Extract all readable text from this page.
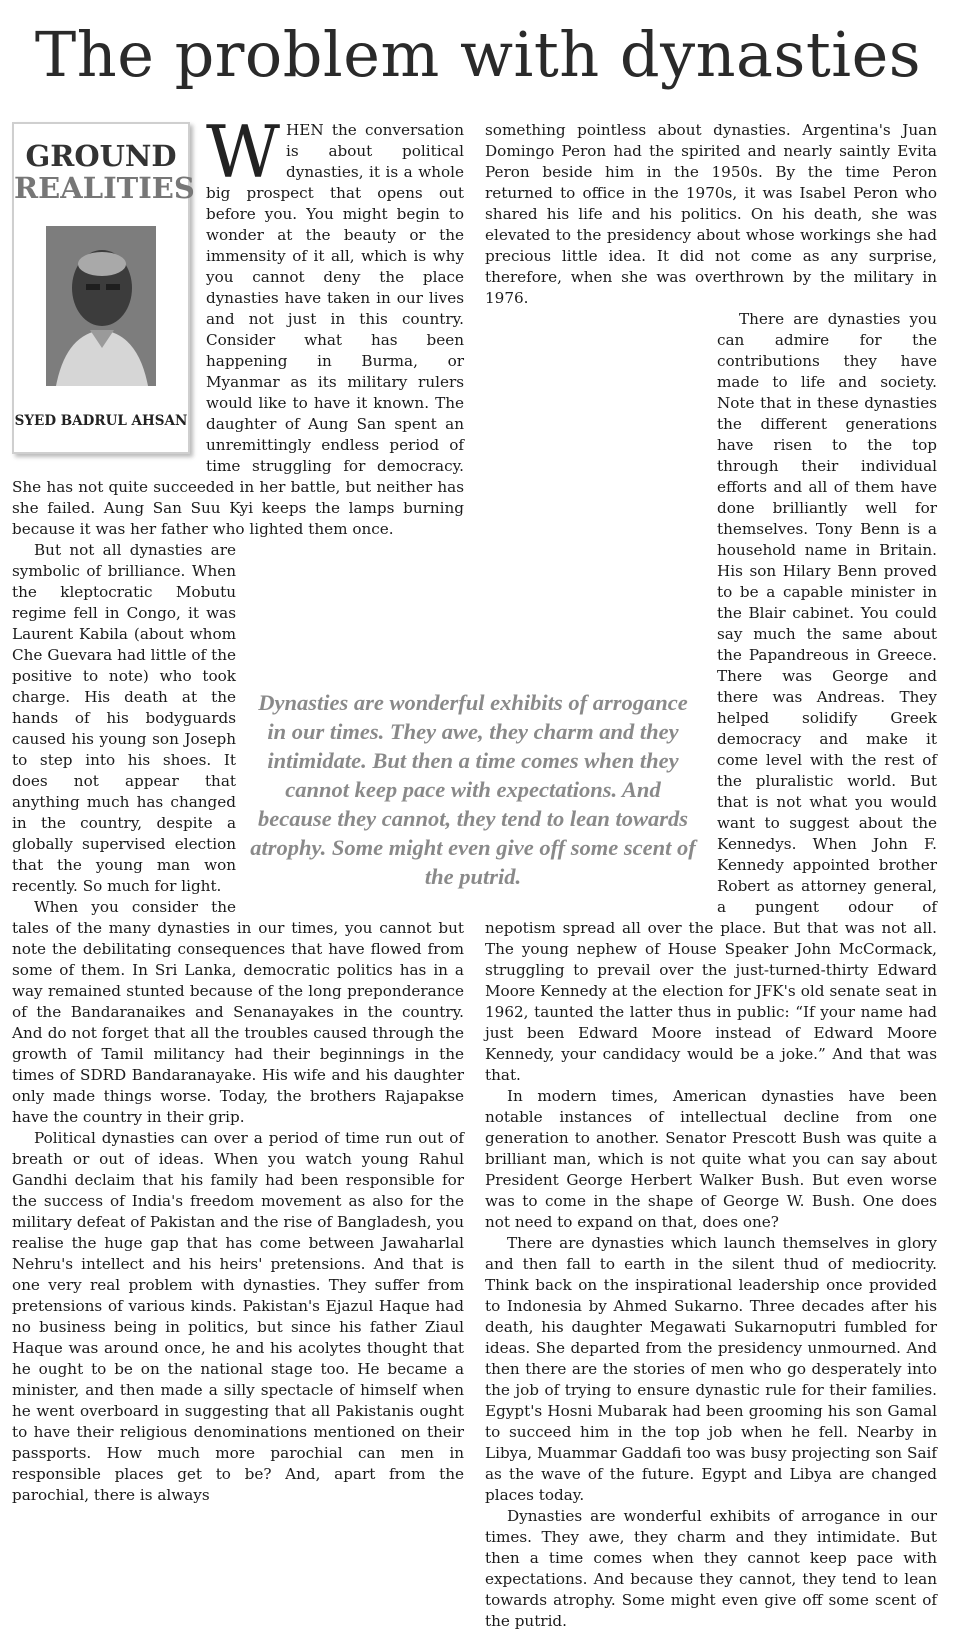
The problem with dynasties
GROUND
REALITIES
SYED BADRUL AHSAN
W HEN the conversation is about political dynasties, it is a whole big prospect that opens out before you. You might begin to wonder at the beauty or the immensity of it all, which is why you cannot deny the place dynasties have taken in our lives and not just in this country. Consider what has been happening in Burma, or Myanmar as its military rulers would like to have it known. The daughter of Aung San spent an unremittingly endless period of time struggling for democracy. She has not quite succeeded in her battle, but neither has she failed. Aung San Suu Kyi keeps the lamps burning because it was her father who lighted them once.

But not all dynasties are symbolic of brilliance. When the kleptocratic Mobutu regime fell in Congo, it was Laurent Kabila (about whom Che Guevara had little of the positive to note) who took charge. His death at the hands of his bodyguards caused his young son Joseph to step into his shoes. It does not appear that anything much has changed in the country, despite a globally supervised election that the young man won recently. So much for light.

When you consider the tales of the many dynasties in our times, you cannot but note the debilitating consequences that have flowed from some of them. In Sri Lanka, democratic politics has in a way remained stunted because of the long preponderance of the Bandaranaikes and Senanayakes in the country. And do not forget that all the troubles caused through the growth of Tamil militancy had their beginnings in the times of SDRD Bandaranayake. His wife and his daughter only made things worse. Today, the brothers Rajapakse have the country in their grip.

Political dynasties can over a period of time run out of breath or out of ideas. When you watch young Rahul Gandhi declaim that his family had been responsible for the success of India's freedom movement as also for the military defeat of Pakistan and the rise of Bangladesh, you realise the huge gap that has come between Jawaharlal Nehru's intellect and his heirs' pretensions. And that is one very real problem with dynasties. They suffer from pretensions of various kinds. Pakistan's Ejazul Haque had no business being in politics, but since his father Ziaul Haque was around once, he and his acolytes thought that he ought to be on the national stage too. He became a minister, and then made a silly spectacle of himself when he went overboard in suggesting that all Pakistanis ought to have their religious denominations mentioned on their passports. How much more parochial can men in responsible places get to be? And, apart from the parochial, there is always

something pointless about dynasties. Argentina's Juan Domingo Peron had the spirited and nearly saintly Evita Peron beside him in the 1950s. By the time Peron returned to office in the 1970s, it was Isabel Peron who shared his life and his politics. On his death, she was elevated to the presidency about whose workings she had precious little idea. It did not come as any surprise, therefore, when she was overthrown by the military in 1976.

There are dynasties you can admire for the contributions they have made to life and society. Note that in these dynasties the different generations have risen to the top through their individual efforts and all of them have done brilliantly well for themselves. Tony Benn is a household name in Britain. His son Hilary Benn proved to be a capable minister in the Blair cabinet. You could say much the same about the Papandreous in Greece. There was George and there was Andreas. They helped solidify Greek democracy and make it come level with the rest of the pluralistic world. But that is not what you would want to suggest about the Kennedys. When John F. Kennedy appointed brother Robert as attorney general, a pungent odour of nepotism spread all over the place. But that was not all. The young nephew of House Speaker John McCormack, struggling to prevail over the just-turned-thirty Edward Moore Kennedy at the election for JFK's old senate seat in 1962, taunted the latter thus in public: “If your name had just been Edward Moore instead of Edward Moore Kennedy, your candidacy would be a joke.” And that was that.

In modern times, American dynasties have been notable instances of intellectual decline from one generation to another. Senator Prescott Bush was quite a brilliant man, which is not quite what you can say about President George Herbert Walker Bush. But even worse was to come in the shape of George W. Bush. One does not need to expand on that, does one?

There are dynasties which launch themselves in glory and then fall to earth in the silent thud of mediocrity. Think back on the inspirational leadership once provided to Indonesia by Ahmed Sukarno. Three decades after his death, his daughter Megawati Sukarnoputri fumbled for ideas. She departed from the presidency unmourned. And then there are the stories of men who go desperately into the job of trying to ensure dynastic rule for their families. Egypt's Hosni Mubarak had been grooming his son Gamal to succeed him in the top job when he fell. Nearby in Libya, Muammar Gaddafi too was busy projecting son Saif as the wave of the future. Egypt and Libya are changed places today.

Dynasties are wonderful exhibits of arrogance in our times. They awe, they charm and they intimidate. But then a time comes when they cannot keep pace with expectations. And because they cannot, they tend to lean towards atrophy. Some might even give off some scent of the putrid.

Dynasties are wonderful exhibits of arrogance in our times. They awe, they charm and they intimidate. But then a time comes when they cannot keep pace with expectations. And because they cannot, they tend to lean towards atrophy. Some might even give off some scent of the putrid.
